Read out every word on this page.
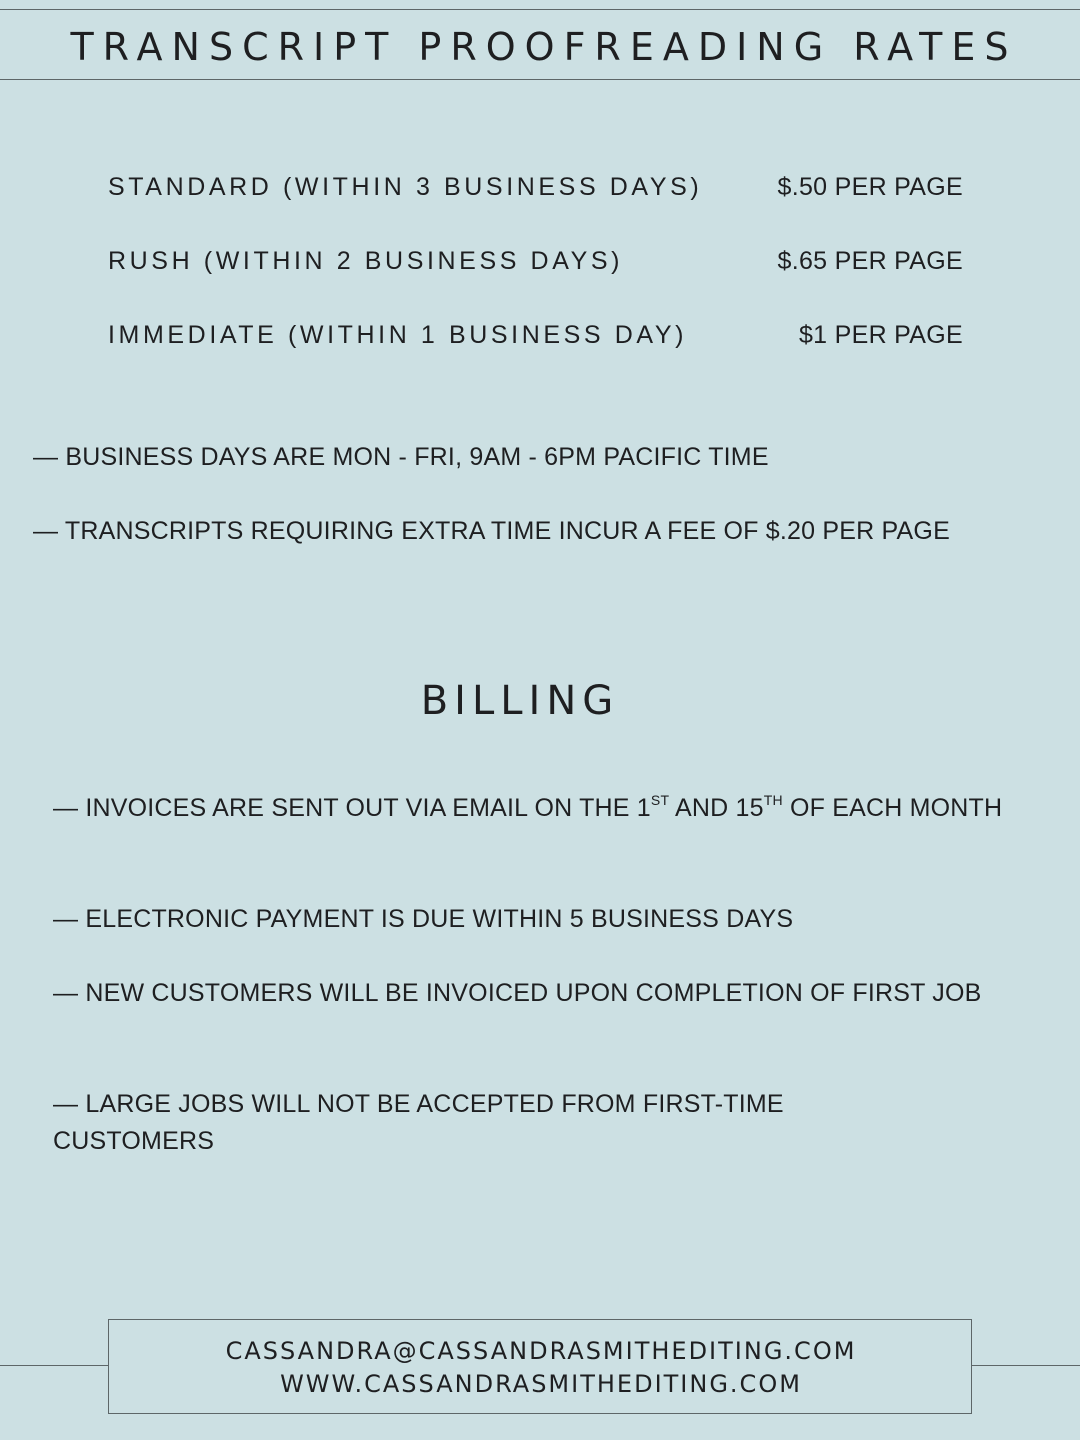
TRANSCRIPT PROOFREADING RATES
STANDARD (WITHIN 3 BUSINESS DAYS)	$.50 PER PAGE
RUSH (WITHIN 2 BUSINESS DAYS)	$.65 PER PAGE
IMMEDIATE (WITHIN 1 BUSINESS DAY)	$1 PER PAGE

— BUSINESS DAYS ARE MON - FRI, 9AM - 6PM PACIFIC TIME

— TRANSCRIPTS REQUIRING EXTRA TIME INCUR A FEE OF $.20 PER PAGE

BILLING

— INVOICES ARE SENT OUT VIA EMAIL ON THE 1ST AND 15TH OF EACH MONTH

— ELECTRONIC PAYMENT IS DUE WITHIN 5 BUSINESS DAYS

— NEW CUSTOMERS WILL BE INVOICED UPON COMPLETION OF FIRST JOB

— LARGE JOBS WILL NOT BE ACCEPTED FROM FIRST-TIME CUSTOMERS

CASSANDRA@CASSANDRASMITHEDITING.COM
WWW.CASSANDRASMITHEDITING.COM
